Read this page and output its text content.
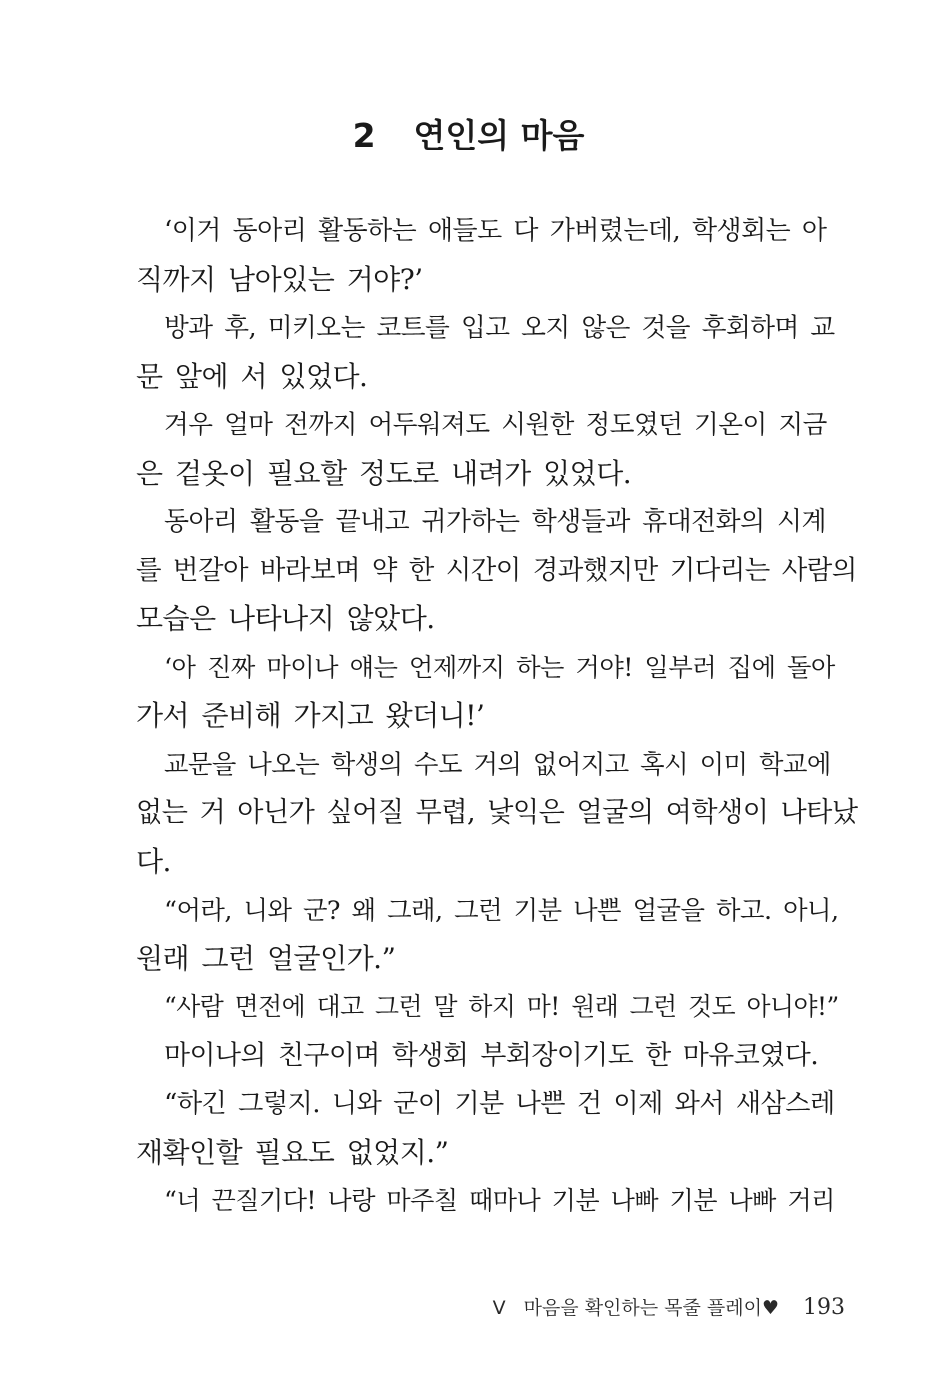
2 연인의 마음

‘이거 동아리 활동하는 애들도 다 가버렸는데, 학생회는 아
직까지 남아있는 거야?’

방과 후, 미키오는 코트를 입고 오지 않은 것을 후회하며 교
문 앞에 서 있었다.

겨우 얼마 전까지 어두워져도 시원한 정도였던 기온이 지금
은 겉옷이 필요할 정도로 내려가 있었다.

동아리 활동을 끝내고 귀가하는 학생들과 휴대전화의 시계
를 번갈아 바라보며 약 한 시간이 경과했지만 기다리는 사람의
모습은 나타나지 않았다.

‘아 진짜 마이나 얘는 언제까지 하는 거야! 일부러 집에 돌아
가서 준비해 가지고 왔더니!’

교문을 나오는 학생의 수도 거의 없어지고 혹시 이미 학교에
없는 거 아닌가 싶어질 무렵, 낯익은 얼굴의 여학생이 나타났
다.

“어라, 니와 군? 왜 그래, 그런 기분 나쁜 얼굴을 하고. 아니,
원래 그런 얼굴인가.”

“사람 면전에 대고 그런 말 하지 마! 원래 그런 것도 아니야!”

마이나의 친구이며 학생회 부회장이기도 한 마유코였다.

“하긴 그렇지. 니와 군이 기분 나쁜 건 이제 와서 새삼스레
재확인할 필요도 없었지.”

“너 끈질기다! 나랑 마주칠 때마나 기분 나빠 기분 나빠 거리

V 마음을 확인하는 목줄 플레이♥ 193
